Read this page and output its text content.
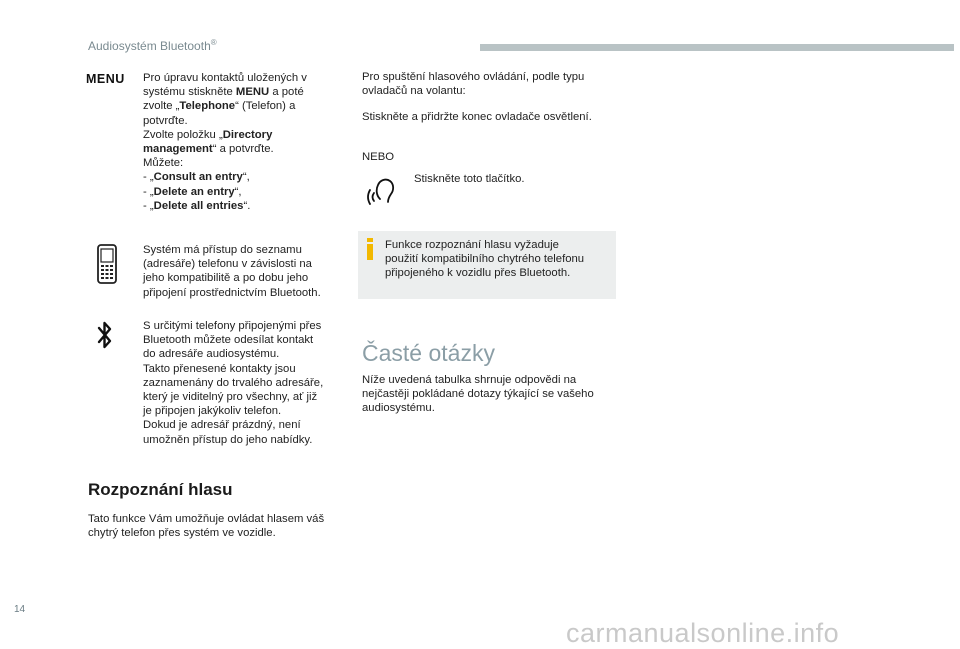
Audiosystém Bluetooth®
MENU Pro úpravu kontaktů uložených v
systému stiskněte MENU a poté
zvolte „Telephone“ (Telefon) a
potvrďte.
Zvolte položku „Directory
management“ a potvrďte.
Můžete:
- „Consult an entry“,
- „Delete an entry“,
- „Delete all entries“.
Systém má přístup do seznamu
(adresáře) telefonu v závislosti na
jeho kompatibilitě a po dobu jeho
připojení prostřednictvím Bluetooth.
S určitými telefony připojenými přes
Bluetooth můžete odesílat kontakt
do adresáře audiosystému.
Takto přenesené kontakty jsou
zaznamenány do trvalého adresáře,
který je viditelný pro všechny, ať již
je připojen jakýkoliv telefon.
Dokud je adresář prázdný, není
umožněn přístup do jeho nabídky.
Rozpoznání hlasu
Tato funkce Vám umožňuje ovládat hlasem váš
chytrý telefon přes systém ve vozidle.
Pro spuštění hlasového ovládání, podle typu
ovladačů na volantu:
Stiskněte a přidržte konec ovladače osvětlení.
NEBO
Stiskněte toto tlačítko.
Funkce rozpoznání hlasu vyžaduje
použití kompatibilního chytrého telefonu
připojeného k vozidlu přes Bluetooth.
Časté otázky
Níže uvedená tabulka shrnuje odpovědi na
nejčastěji pokládané dotazy týkající se vašeho
audiosystému.
14
carmanualsonline.info
